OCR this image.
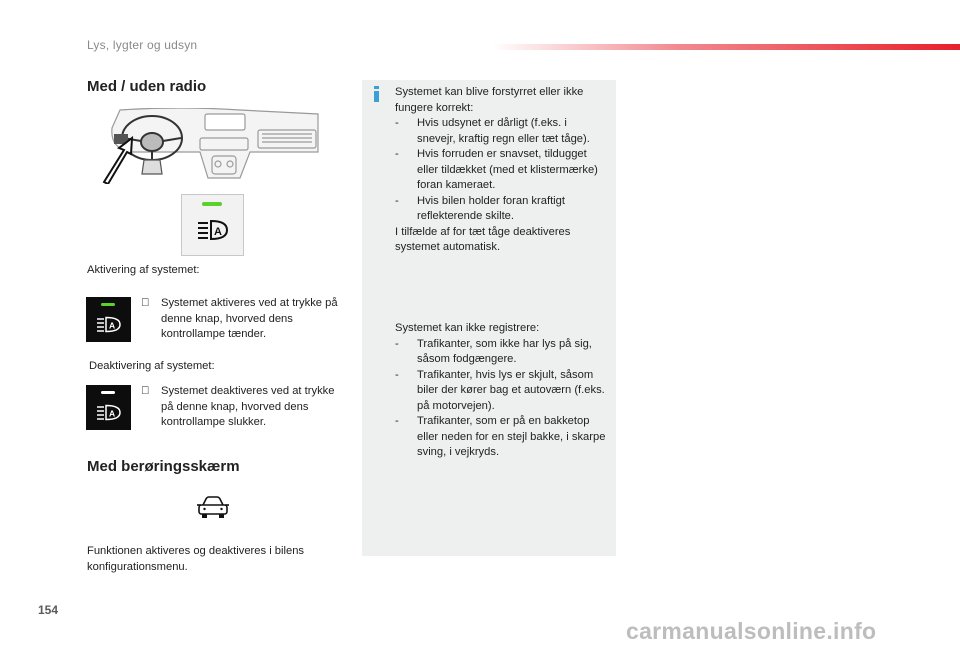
Lys, lygter og udsyn
Med / uden radio
A
Aktivering af systemet:
A
Systemet aktiveres ved at trykke på denne knap, hvorved dens kontrollampe tænder.
Deaktivering af systemet:
A
Systemet deaktiveres ved at trykke på denne knap, hvorved dens kontrollampe slukker.
Med berøringsskærm
Funktionen aktiveres og deaktiveres i bilens konfigurationsmenu.
Systemet kan blive forstyrret eller ikke fungere korrekt:
-	Hvis udsynet er dårligt (f.eks. i snevejr, kraftig regn eller tæt tåge).
-	Hvis forruden er snavset, tildugget eller tildækket (med et klistermærke) foran kameraet.
-	Hvis bilen holder foran kraftigt reflekterende skilte.
I tilfælde af for tæt tåge deaktiveres systemet automatisk.
Systemet kan ikke registrere:
-	Trafikanter, som ikke har lys på sig, såsom fodgængere.
-	Trafikanter, hvis lys er skjult, såsom biler der kører bag et autoværn (f.eks. på motorvejen).
-	Trafikanter, som er på en bakketop eller neden for en stejl bakke, i skarpe sving, i vejkryds.
154
carmanualsonline.info
